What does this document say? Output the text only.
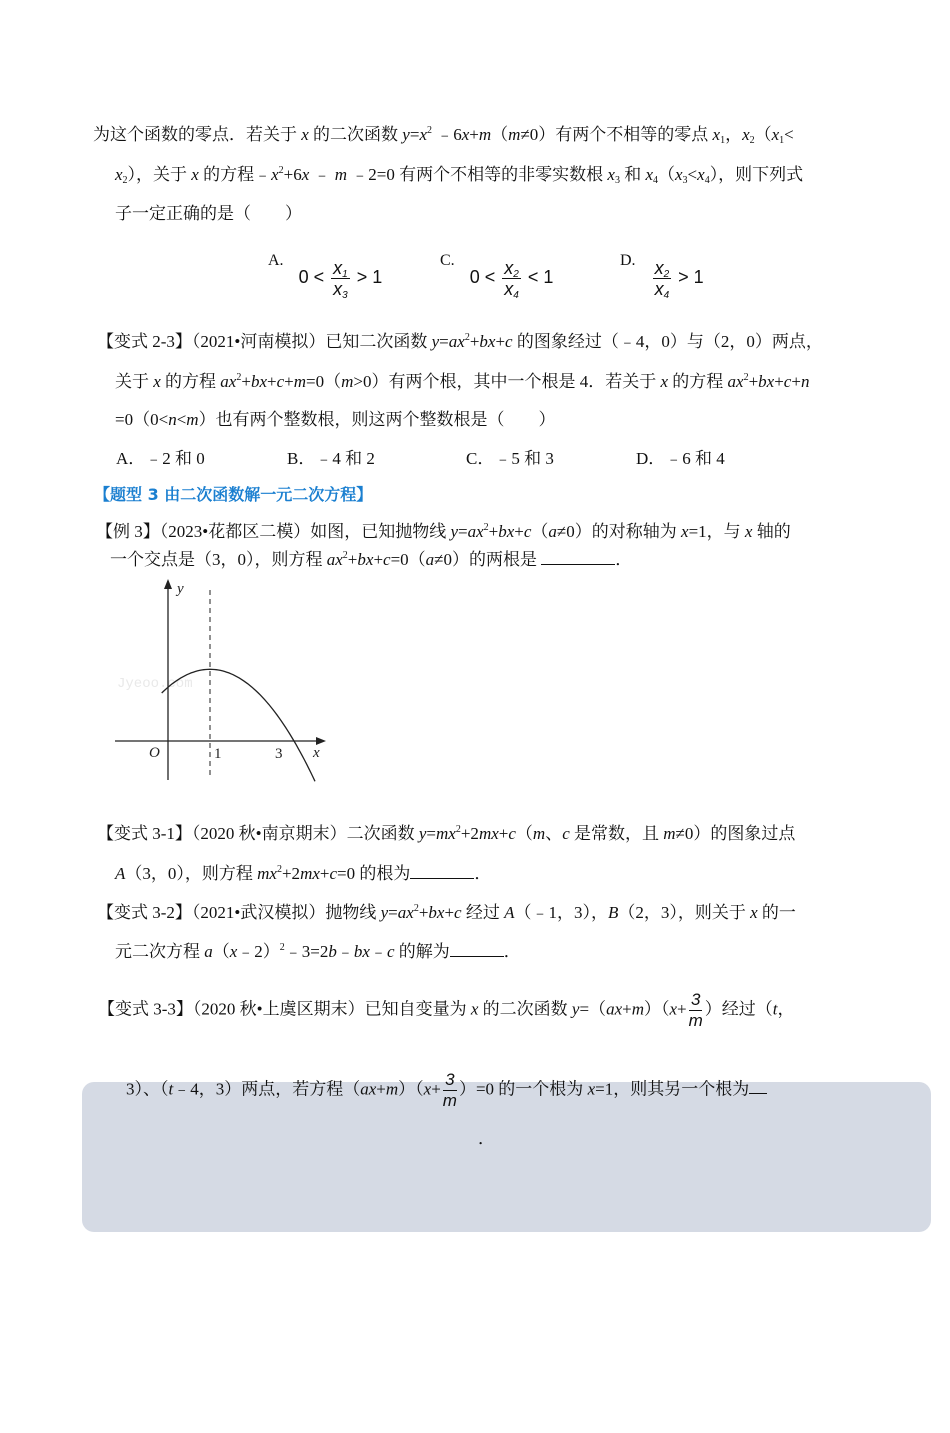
为这个函数的零点．若关于 x 的二次函数 $y=x^2$ ﹣6x+m（m≠0）有两个不相等的零点 $x_1$，$x_2(x_1<$
$x_2$），关于 x 的方程$﹣x^2+6x$ ﹣ m ﹣2=0 有两个不相等的非零实数根 $x_3$ 和 $x_4(x_3<x_4)$，则下列式
子一定正确的是（　　）
【变式 2-3】（2021•河南模拟）已知二次函数 $y=ax^2+bx+c$ 的图象经过（﹣4，0）与（2，0）两点，
关于 x 的方程 $ax^2+bx+c+m=0(m>0)$有两个根，其中一个根是 4．若关于 x 的方程 $ax^2+bx+c+n$
=0（0<n<m）也有两个整数根，则这两个整数根是（　　）
【例 3】（2023•花都区二模）如图，已知抛物线 $y=ax^2+bx+c(a\ne 0)$的对称轴为 x=1，与 x 轴的
一个交点是（3，0），则方程 $ax^2+bx+c=0(a\ne 0)$的两根是	．
【变式 3-1】（2020 秋•南京期末）二次函数 $y=mx^2+2mx+c(m$、c 是常数，且 m≠0）的图象过点
A（3，0），则方程 $mx^2+2mx+c=0$ 的根为	．
【变式 3-2】（2021•武汉模拟）抛物线 $y=ax^2+bx+c$ 经过 A（﹣1，3），B（2，3），则关于 x 的一
元二次方程 a（x﹣2）$^2$﹣3=2b﹣bx﹣c 的解为	．
【变式 3-3】（2020 秋•上虞区期末）已知自变量为 x 的二次函数 $y=(ax+m)(x+ \frac{3}{m}$ ）经过（t，
3）、（t﹣4，3）两点，若方程$(ax+m)(x+ \frac{3}{m} )=0$ 的一个根为 x=1，则其另一个根为
．
A. $0 < \frac{x_1}{x_3} > 1$
C. $0 < \frac{x_2}{x_4} < 1$
D. $\frac{x_2}{x_4} > 1$
A．﹣2 和 0	B．﹣4 和 2	C．﹣5 和 3	D．﹣6 和 4
【题型 3 由二次函数解一元二次方程】
Jyeoo.com
y
x
O	1	3
